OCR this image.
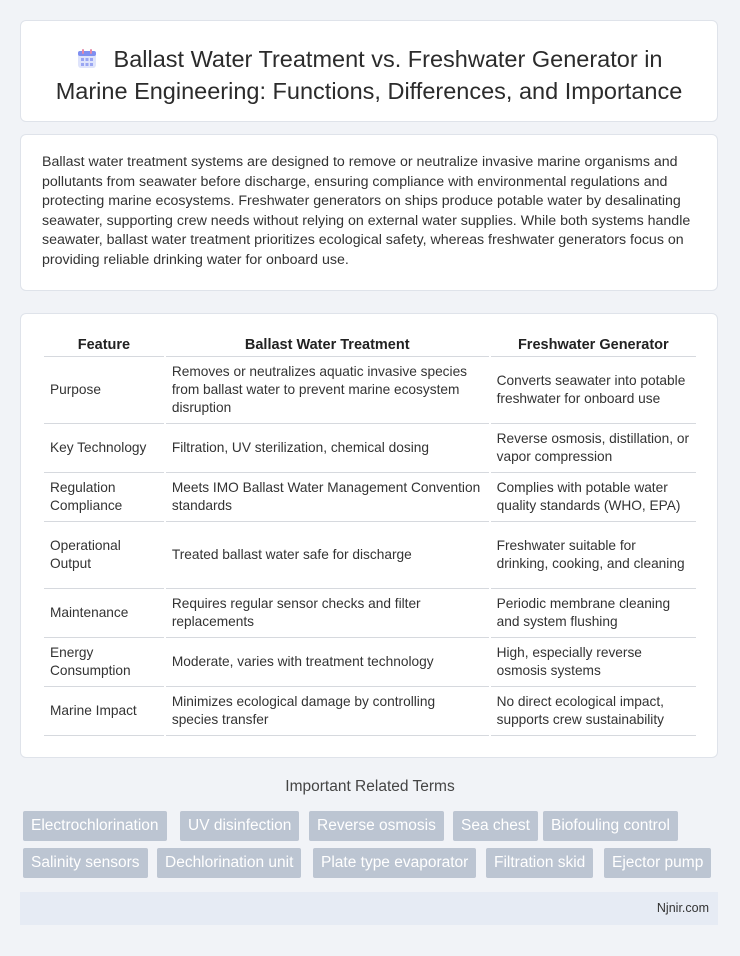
Ballast Water Treatment vs. Freshwater Generator in
Marine Engineering: Functions, Differences, and Importance

Ballast water treatment systems are designed to remove or neutralize invasive marine organisms and pollutants from seawater before discharge, ensuring compliance with environmental regulations and protecting marine ecosystems. Freshwater generators on ships produce potable water by desalinating seawater, supporting crew needs without relying on external water supplies. While both systems handle seawater, ballast water treatment prioritizes ecological safety, whereas freshwater generators focus on providing reliable drinking water for onboard use.

Feature	Ballast Water Treatment	Freshwater Generator
Purpose	Removes or neutralizes aquatic invasive species from ballast water to prevent marine ecosystem disruption	Converts seawater into potable freshwater for onboard use
Key Technology	Filtration, UV sterilization, chemical dosing	Reverse osmosis, distillation, or vapor compression
Regulation Compliance	Meets IMO Ballast Water Management Convention standards	Complies with potable water quality standards (WHO, EPA)
Operational Output	Treated ballast water safe for discharge	Freshwater suitable for drinking, cooking, and cleaning
Maintenance	Requires regular sensor checks and filter replacements	Periodic membrane cleaning and system flushing
Energy Consumption	Moderate, varies with treatment technology	High, especially reverse osmosis systems
Marine Impact	Minimizes ecological damage by controlling species transfer	No direct ecological impact, supports crew sustainability
Important Related Terms
Electrochlorination	UV disinfection	Reverse osmosis	Sea chest	Biofouling control
Salinity sensors	Dechlorination unit	Plate type evaporator	Filtration skid	Ejector pump
Njnir.com
